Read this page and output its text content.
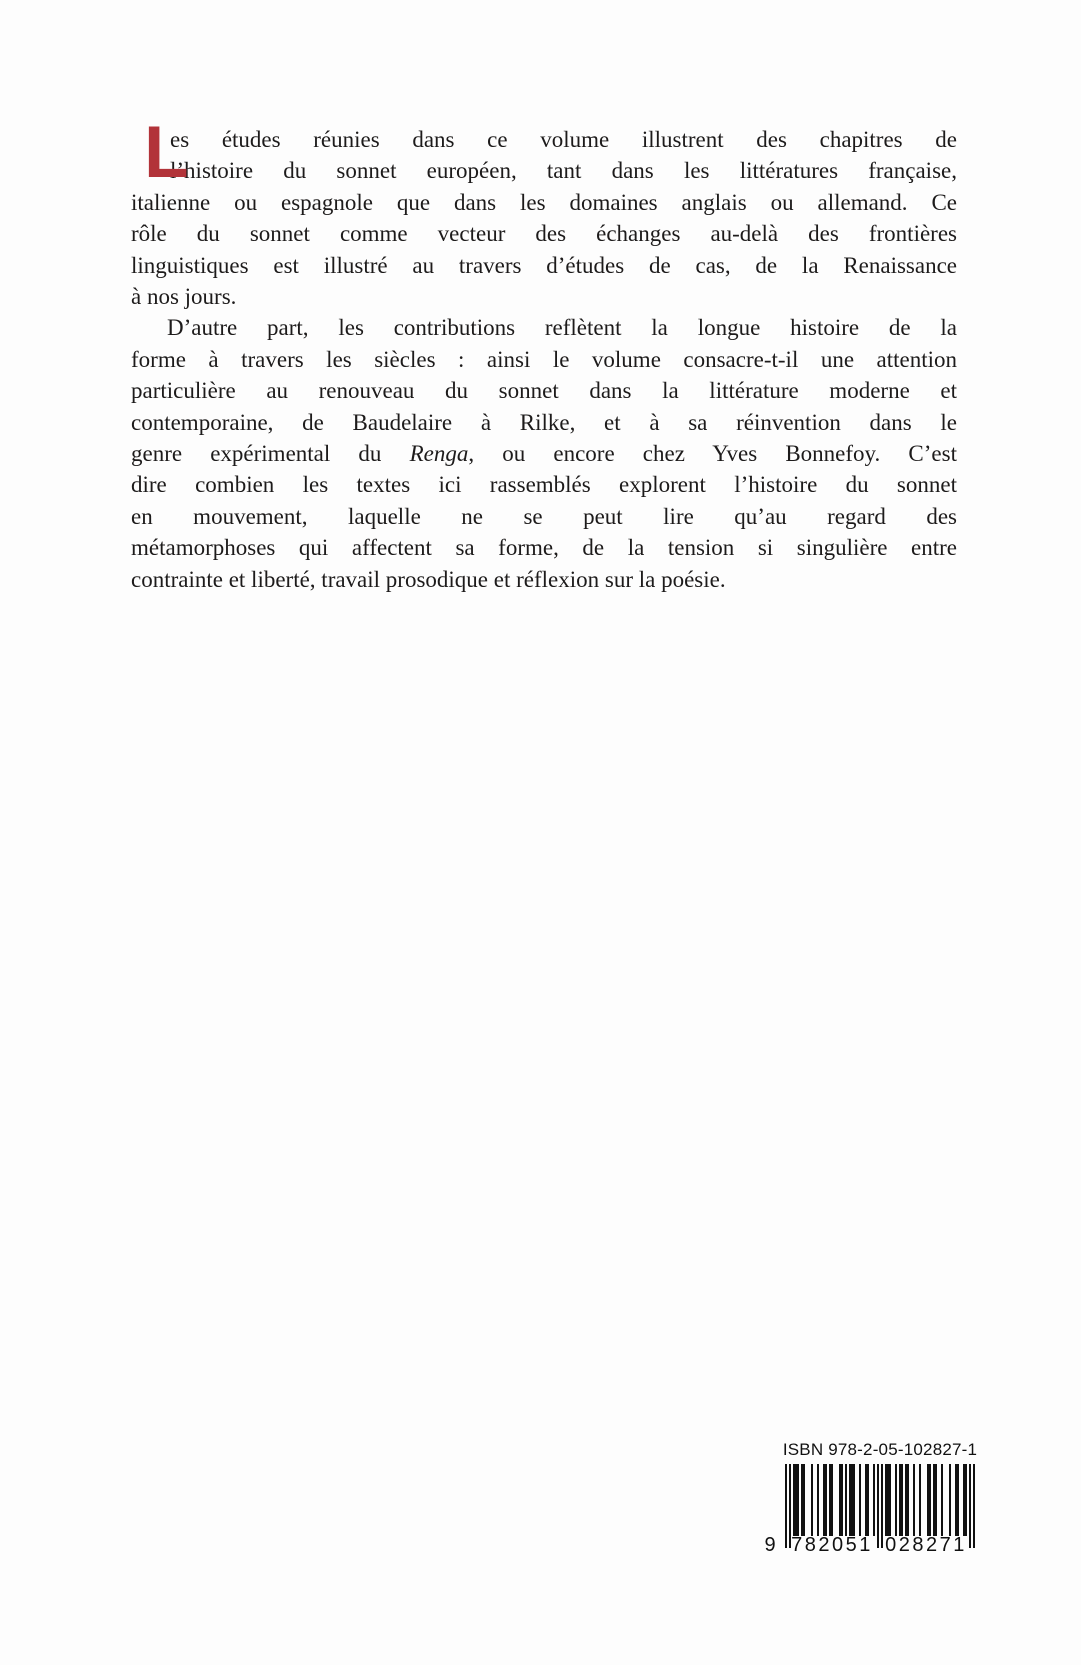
L
es études réunies dans ce volume illustrent des chapitres de
l’histoire du sonnet européen, tant dans les littératures française,
italienne ou espagnole que dans les domaines anglais ou allemand. Ce
rôle du sonnet comme vecteur des échanges au-delà des frontières
linguistiques est illustré au travers d’études de cas, de la Renaissance
à nos jours.
D’autre part, les contributions reflètent la longue histoire de la
forme à travers les siècles : ainsi le volume consacre-t-il une attention
particulière au renouveau du sonnet dans la littérature moderne et
contemporaine, de Baudelaire à Rilke, et à sa réinvention dans le
genre expérimental du Renga, ou encore chez Yves Bonnefoy. C’est
dire combien les textes ici rassemblés explorent l’histoire du sonnet
en mouvement, laquelle ne se peut lire qu’au regard des
métamorphoses qui affectent sa forme, de la tension si singulière entre
contrainte et liberté, travail prosodique et réflexion sur la poésie.
ISBN 978-2-05-102827-1
9 782051 028271
